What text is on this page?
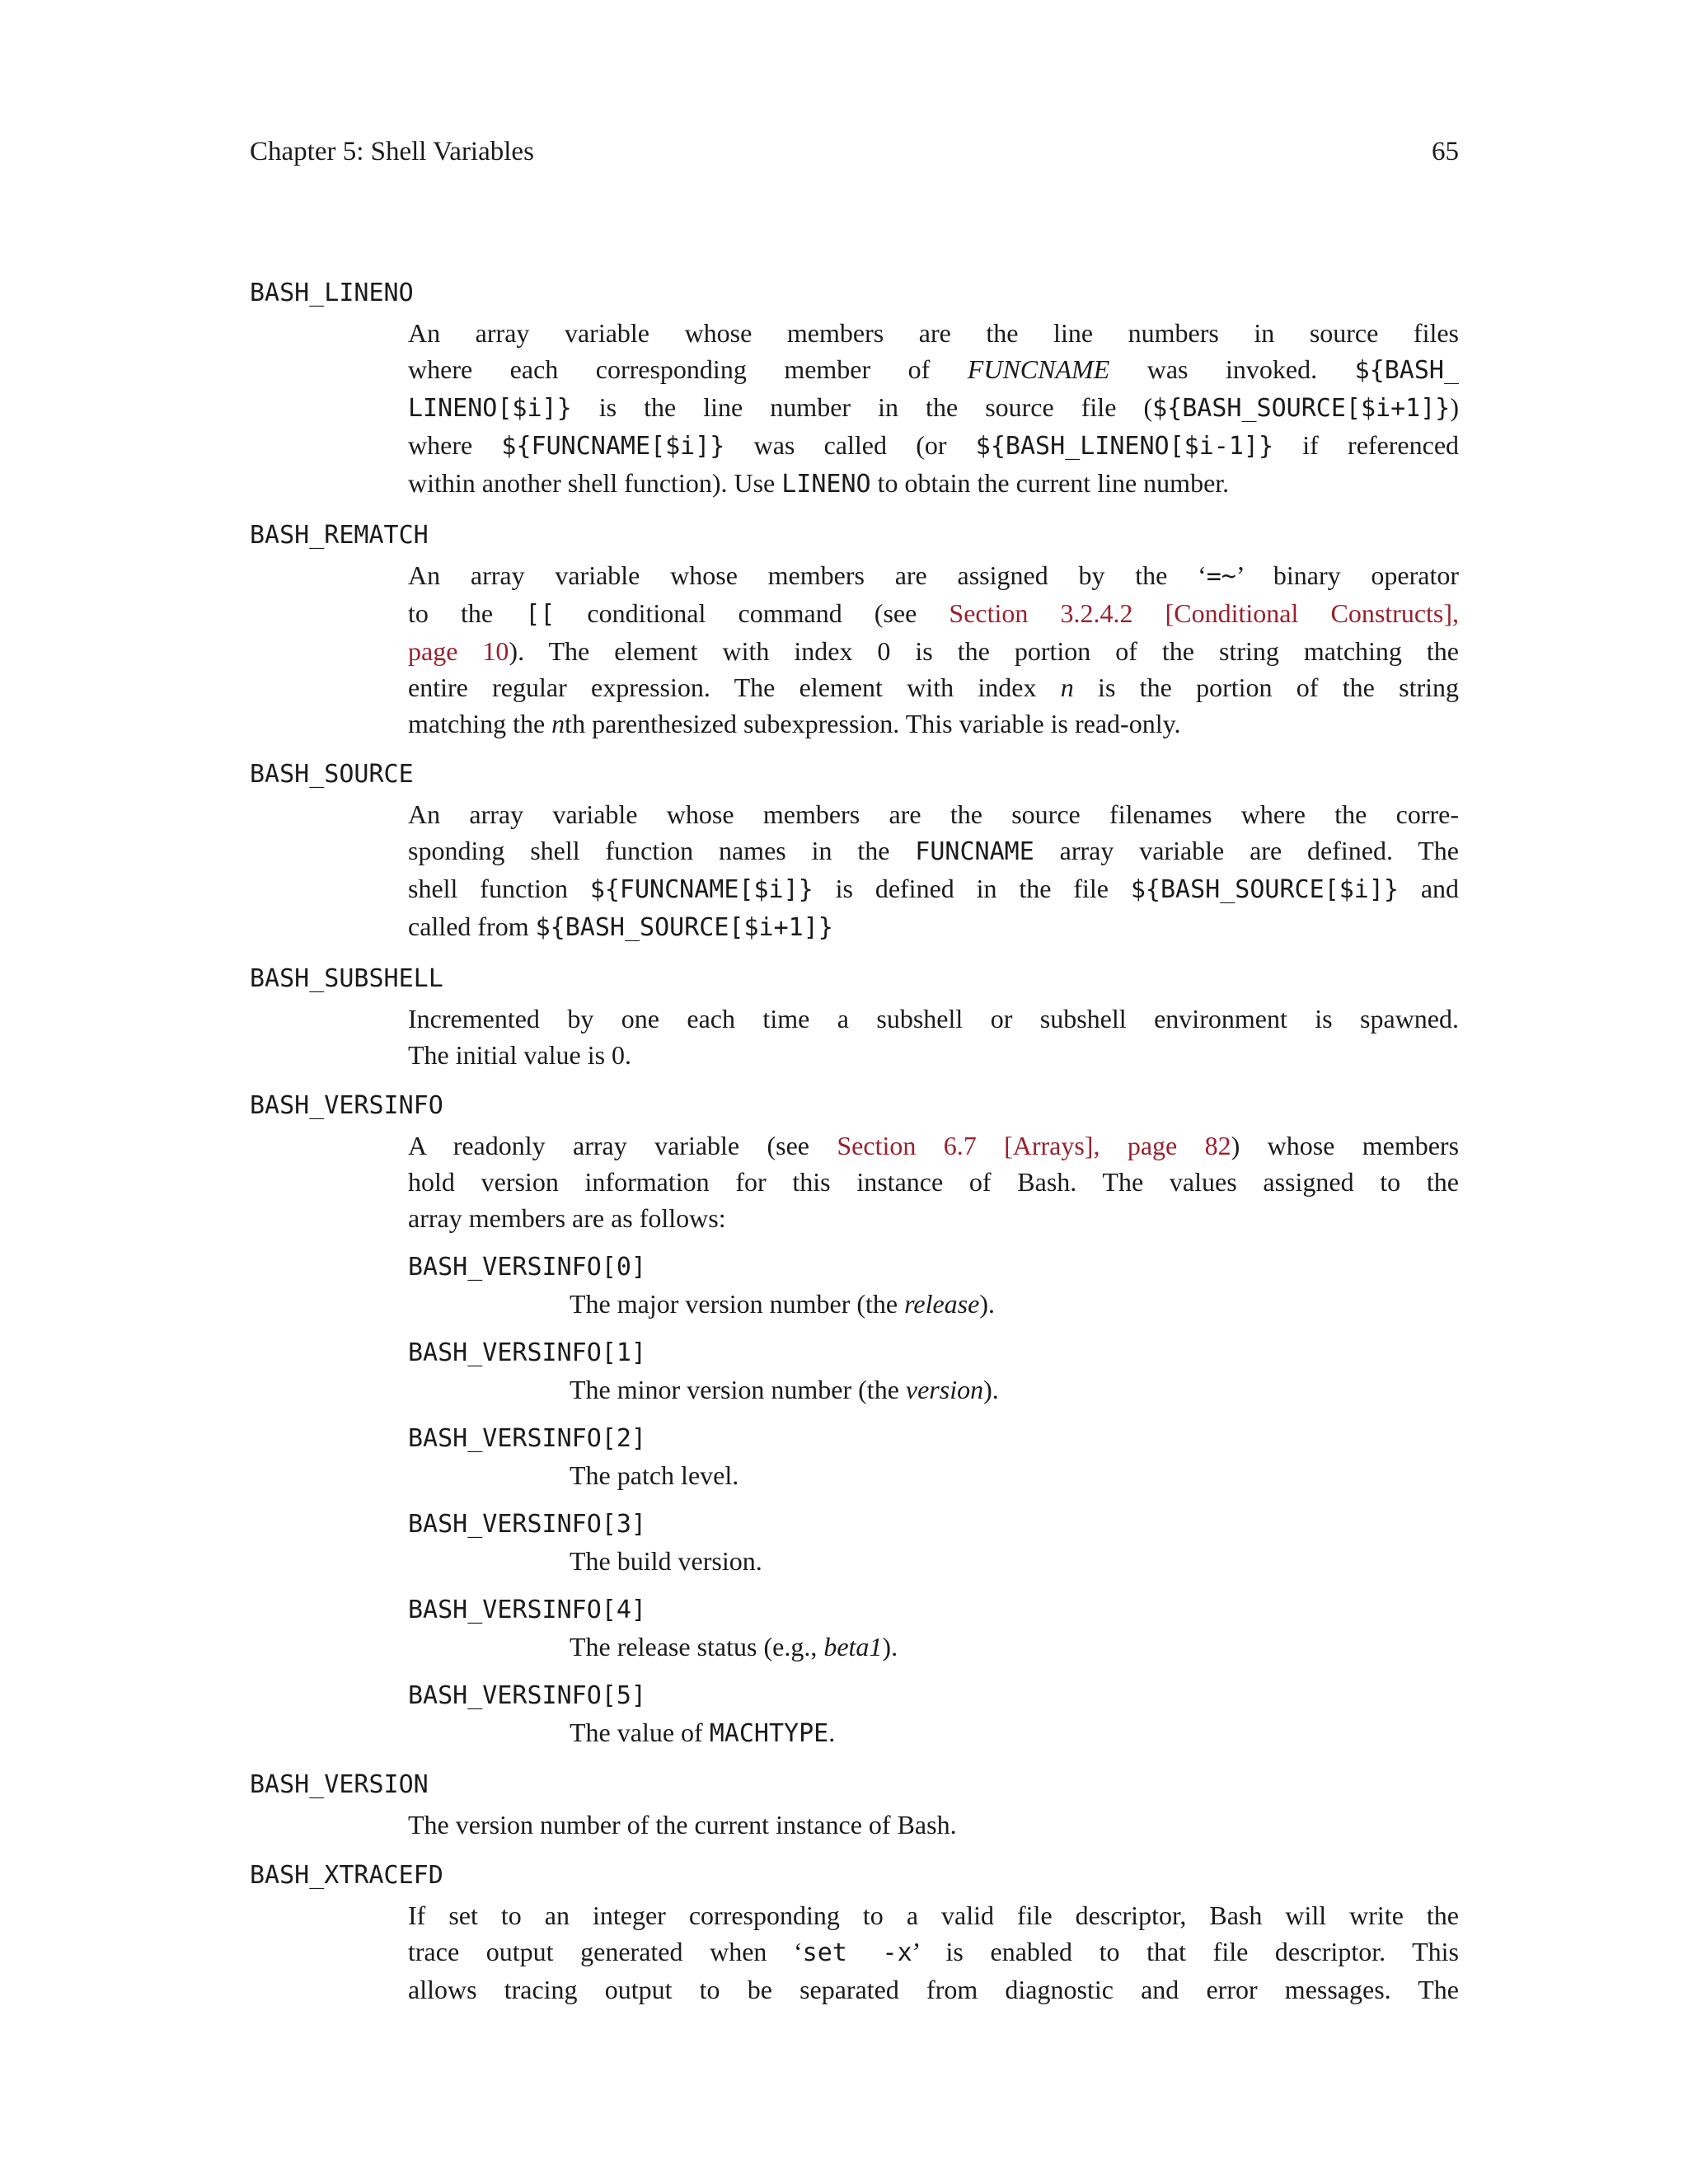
Chapter 5: Shell Variables	65
BASH_LINENO
An array variable whose members are the line numbers in source files
where each corresponding member of FUNCNAME was invoked. ${BASH_
LINENO[$i]} is the line number in the source file (${BASH_SOURCE[$i+1]})
where ${FUNCNAME[$i]} was called (or ${BASH_LINENO[$i-1]} if referenced
within another shell function). Use LINENO to obtain the current line number.
BASH_REMATCH
An array variable whose members are assigned by the ‘=~’ binary operator
to the [[ conditional command (see Section 3.2.4.2 [Conditional Constructs],
page 10). The element with index 0 is the portion of the string matching the
entire regular expression. The element with index n is the portion of the string
matching the nth parenthesized subexpression. This variable is read-only.
BASH_SOURCE
An array variable whose members are the source filenames where the corre-
sponding shell function names in the FUNCNAME array variable are defined. The
shell function ${FUNCNAME[$i]} is defined in the file ${BASH_SOURCE[$i]} and
called from ${BASH_SOURCE[$i+1]}
BASH_SUBSHELL
Incremented by one each time a subshell or subshell environment is spawned.
The initial value is 0.
BASH_VERSINFO
A readonly array variable (see Section 6.7 [Arrays], page 82) whose members
hold version information for this instance of Bash. The values assigned to the
array members are as follows:
BASH_VERSINFO[0]
The major version number (the release).
BASH_VERSINFO[1]
The minor version number (the version).
BASH_VERSINFO[2]
The patch level.
BASH_VERSINFO[3]
The build version.
BASH_VERSINFO[4]
The release status (e.g., beta1).
BASH_VERSINFO[5]
The value of MACHTYPE.
BASH_VERSION
The version number of the current instance of Bash.
BASH_XTRACEFD
If set to an integer corresponding to a valid file descriptor, Bash will write the
trace output generated when ‘set -x’ is enabled to that file descriptor. This
allows tracing output to be separated from diagnostic and error messages. The
